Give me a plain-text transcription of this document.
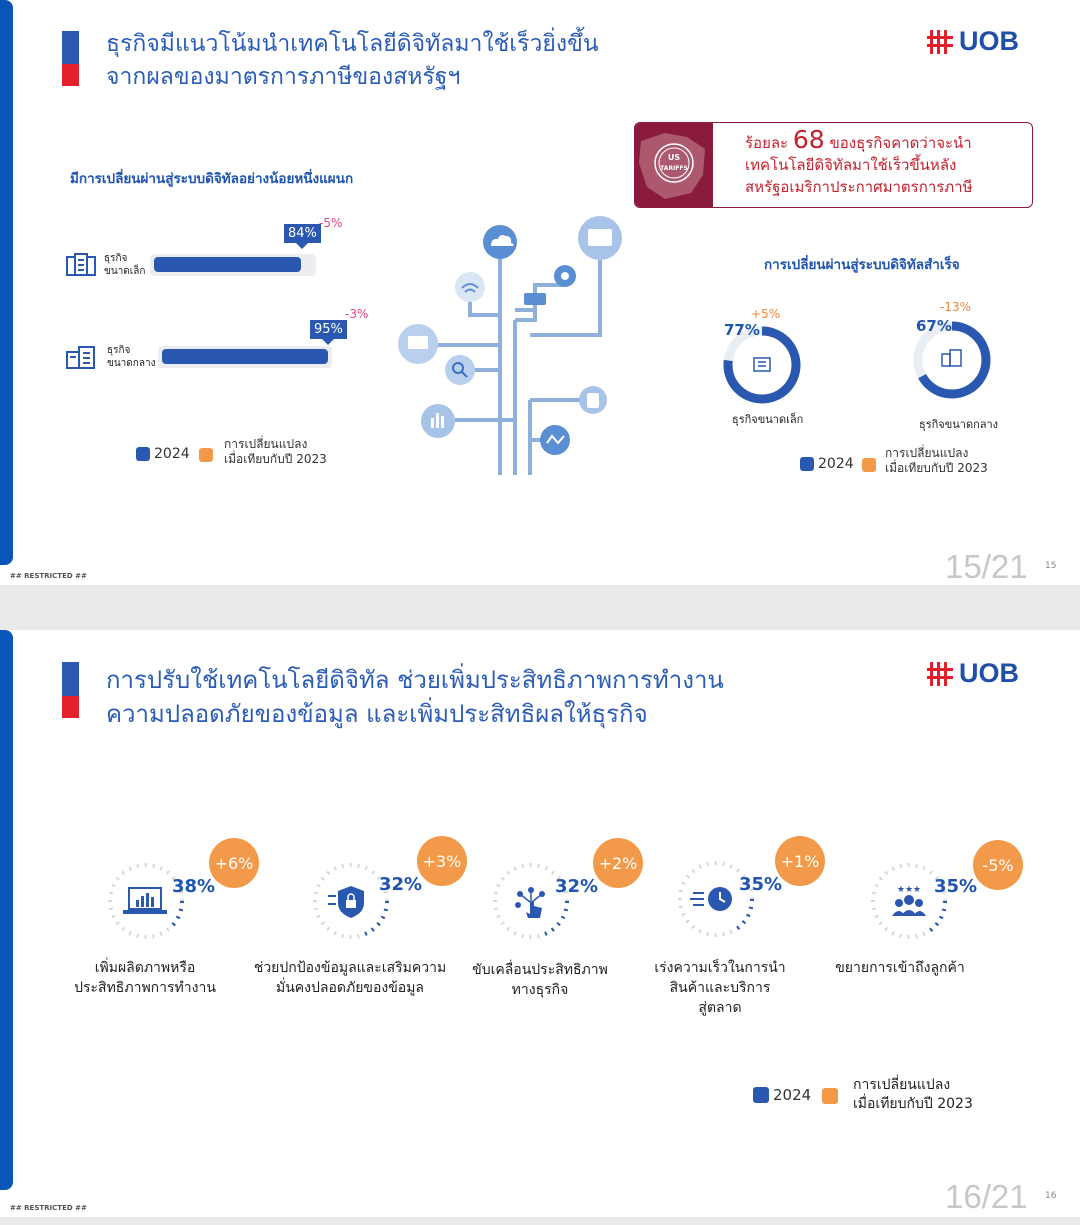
ธุรกิจมีแนวโน้มนำเทคโนโลยีดิจิทัลมาใช้เร็วยิ่งขึ้น
จากผลของมาตรการภาษีของสหรัฐฯ
UOB
US
TARIFFS
ร้อยละ 68 ของธุรกิจคาดว่าจะนำ
เทคโนโลยีดิจิทัลมาใช้เร็วขึ้นหลัง
สหรัฐอเมริกาประกาศมาตรการภาษี
มีการเปลี่ยนผ่านสู่ระบบดิจิทัลอย่างน้อยหนึ่งแผนก
ธุรกิจ
ขนาดเล็ก
84%
-5%
ธุรกิจ
ขนาดกลาง
95%
-3%
2024
การเปลี่ยนแปลง
เมื่อเทียบกับปี 2023
การเปลี่ยนผ่านสู่ระบบดิจิทัลสำเร็จ
77%
+5%
ธุรกิจขนาดเล็ก
67%
-13%
ธุรกิจขนาดกลาง
2024
การเปลี่ยนแปลง
เมื่อเทียบกับปี 2023
## RESTRICTED ##	15/21 15
การปรับใช้เทคโนโลยีดิจิทัล ช่วยเพิ่มประสิทธิภาพการทำงาน
ความปลอดภัยของข้อมูล และเพิ่มประสิทธิผลให้ธุรกิจ
UOB
38%
+6%
เพิ่มผลิตภาพหรือ
ประสิทธิภาพการทำงาน
32%
+3%
ช่วยปกป้องข้อมูลและเสริมความ
มั่นคงปลอดภัยของข้อมูล
32%
+2%
ขับเคลื่อนประสิทธิภาพ
ทางธุรกิจ
35%
+1%
เร่งความเร็วในการนำ
สินค้าและบริการ
สู่ตลาด
★★★ 35%
-5%
ขยายการเข้าถึงลูกค้า
2024
การเปลี่ยนแปลง
เมื่อเทียบกับปี 2023
## RESTRICTED ##	16/21 16
